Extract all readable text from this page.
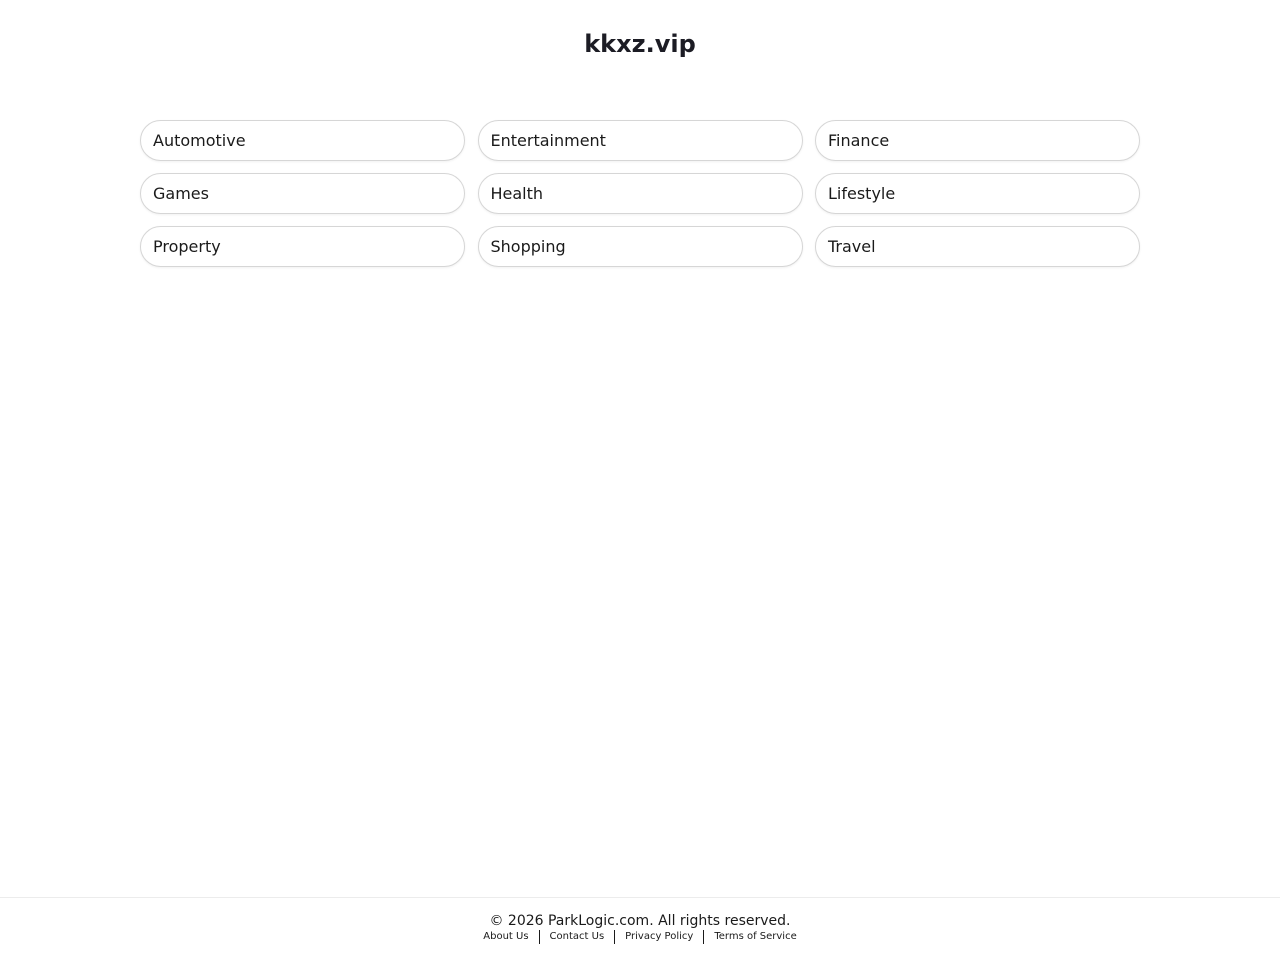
kkxz.vip
Automotive	Entertainment	Finance
Games	Health	Lifestyle
Property	Shopping	Travel
© 2026 ParkLogic.com. All rights reserved.
About Us	Contact Us	Privacy Policy	Terms of Service
